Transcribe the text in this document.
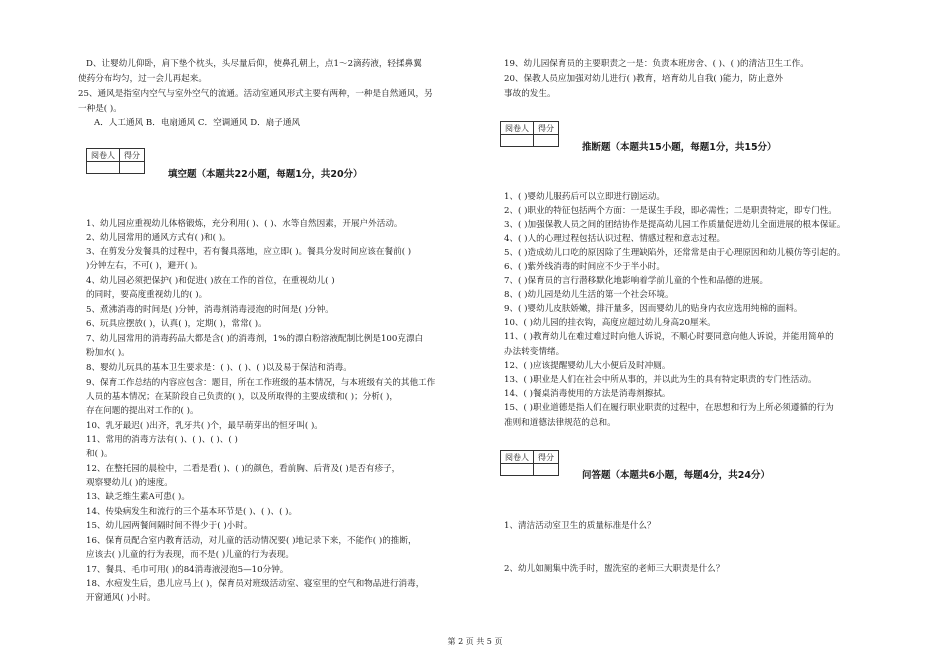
D、让婴幼儿仰卧，肩下垫个枕头，头尽量后仰，使鼻孔朝上，点1～2滴药液，轻揉鼻翼
使药分布均匀，过一会儿再起来。
25、通风是指室内空气与室外空气的流通。活动室通风形式主要有两种，一种是自然通风，另
一种是( )。
A．人工通风 B．电扇通风 C．空调通风 D．扇子通风
阅卷人	得分

填空题（本题共22小题，每题1分，共20分）
1、幼儿园应重视幼儿体格锻炼，充分利用( )、( )、水等自然因素，开展户外活动。
2、幼儿园常用的通风方式有( )和( )。
3、在剪发分发餐具的过程中，若有餐具落地，应立即( )。餐具分发时间应该在餐前( )
)分钟左右，不可( )，避开( )。
4、幼儿园必须把保护( )和促进( )放在工作的首位，在重视幼儿( )
的同时，要高度重视幼儿的( )。
5、煮沸消毒的时间是( )分钟，消毒剂消毒浸泡的时间是( )分钟。
6、玩具应摆放( )，认真( )，定期( )，常常( )。
7、幼儿园常用的消毒药品大都是含( )的消毒剂，1%的漂白粉溶液配制比例是100克漂白
粉加水( )。
8、婴幼儿玩具的基本卫生要求是：( )、( )、( )以及易于保洁和消毒。
9、保育工作总结的内容应包含：题目，所在工作班级的基本情况，与本班级有关的其他工作
人员的基本情况；在某阶段自己负责的( )，以及所取得的主要成绩和( )；分析( )，
存在问题的提出对工作的( )。
10、乳牙最迟( )出齐，乳牙共( )个，最早萌芽出的恒牙叫( )。
11、常用的消毒方法有( )、( )、( )、( )
和( )。
12、在整托园的晨检中，二看是看( )、( )的颜色，看前胸、后背及( )是否有疹子，
观察婴幼儿( )的速度。
13、缺乏维生素A可患( )。
14、传染病发生和流行的三个基本环节是( )、( )、( )。
15、幼儿园两餐间隔时间不得少于( )小时。
16、保育员配合室内教育活动，对儿童的活动情况要( )地记录下来，不能作( )的推断，
应该去( )儿童的行为表现，而不是( )儿童的行为表现。
17、餐具、毛巾可用( )的84消毒液浸泡5—10分钟。
18、水痘发生后，患儿应马上( )，保育员对班级活动室、寝室里的空气和物品进行消毒，
开窗通风( )小时。
19、幼儿园保育员的主要职责之一是：负责本班房舍、( )、( )的清洁卫生工作。
20、保教人员应加强对幼儿进行( )教育，培育幼儿自我( )能力，防止意外
事故的发生。
阅卷人	得分

推断题（本题共15小题，每题1分，共15分）
1、( )婴幼儿服药后可以立即进行剧运动。
2、( )职业的特征包括两个方面：一是谋生手段，即必需性；二是职责特定，即专门性。
3、( )加强保教人员之间的团结协作是提高幼儿园工作质量促进幼儿全面进展的根本保证。
4、( )人的心理过程包括认识过程、情感过程和意志过程。
5、( )造成幼儿口吃的原因除了生理缺陷外，还常常是由于心理原因和幼儿模仿等引起的。
6、( )紫外线消毒的时间应不少于半小时。
7、( )保育员的言行潜移默化地影响着学前儿童的个性和品德的进展。
8、( )幼儿园是幼儿生活的第一个社会环境。
9、( )婴幼儿皮肤娇嫩，排汗量多，因而婴幼儿的贴身内衣应选用纯棉的面料。
10、( )幼儿园的挂衣钩，高度应超过幼儿身高20厘米。
11、( )教育幼儿在难过难过时向他人诉说，不顺心时要同意向他人诉说，并能用简单的
办法转变情绪。
12、( )应该提醒婴幼儿大小便后及时冲厕。
13、( )职业是人们在社会中所从事的，并以此为生的具有特定职责的专门性活动。
14、( )餐桌消毒使用的方法是消毒剂擦拭。
15、( )职业道德是指人们在履行职业职责的过程中，在思想和行为上所必须遵循的行为
准则和道德法律规范的总和。
阅卷人	得分

问答题（本题共6小题，每题4分，共24分）
1、清洁活动室卫生的质量标准是什么？
2、幼儿如厕集中洗手时，盥洗室的老师三大职责是什么？
第 2 页 共 5 页
